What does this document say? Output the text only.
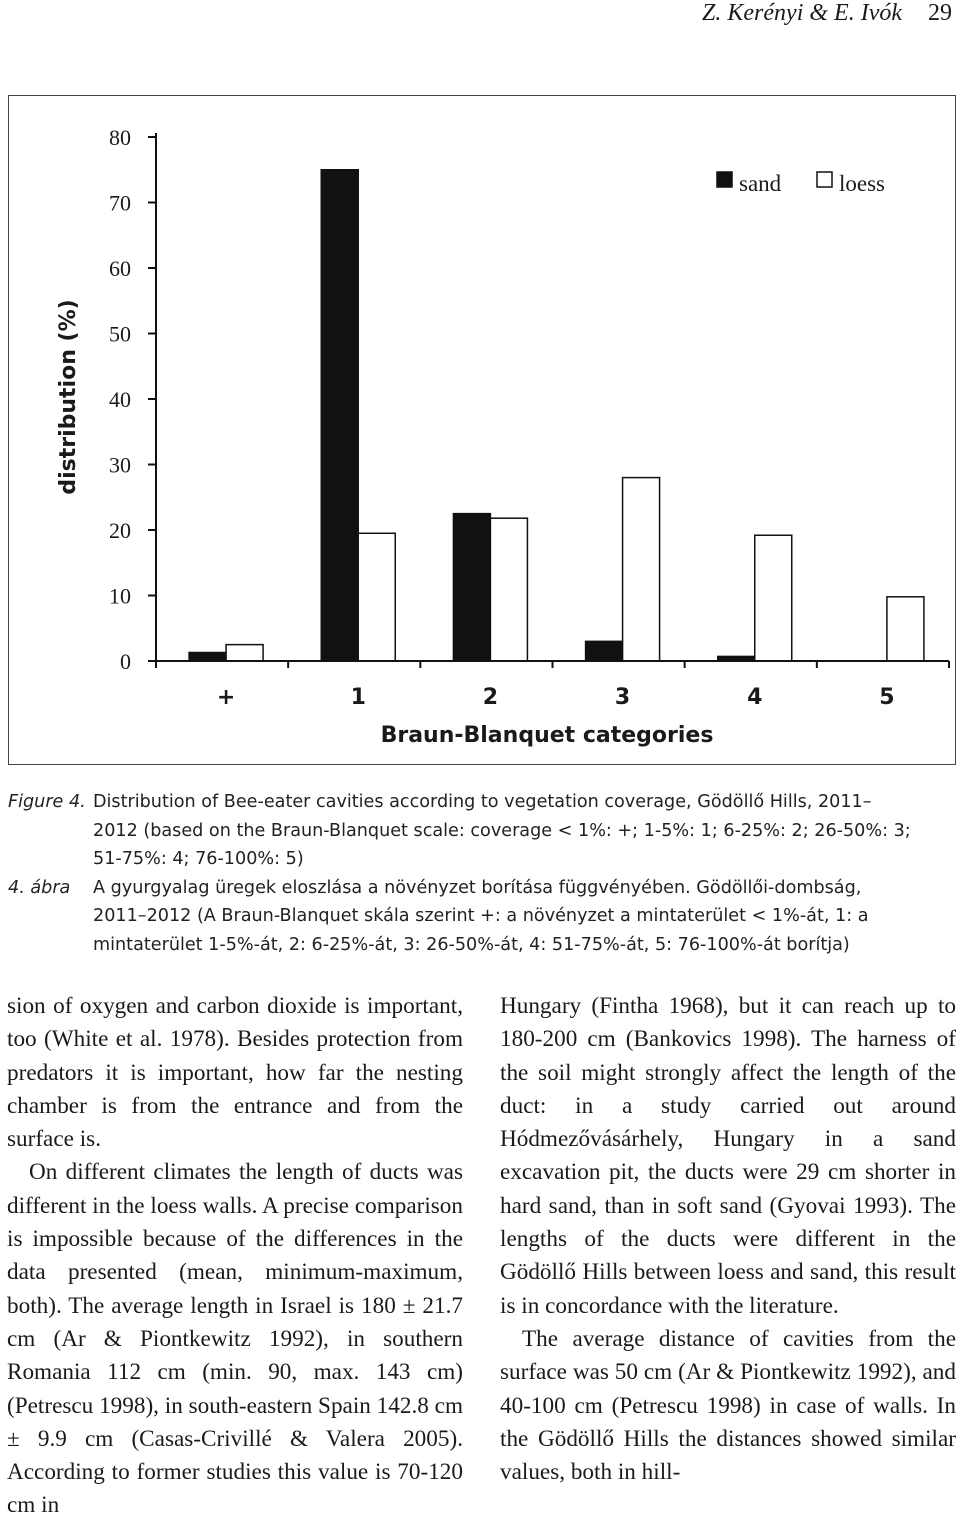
Z. Kerényi & E. Ivók 29
0
10
20
30
40
50
60
70
80
+	1	2	3	4	5
sand	loess
distribution (%)
Braun-Blanquet categories
Figure 4. Distribution of Bee-eater cavities according to vegetation coverage, Gödöllő Hills, 2011–
2012 (based on the Braun-Blanquet scale: coverage < 1%: +; 1-5%: 1; 6-25%: 2; 26-50%: 3;
51-75%: 4; 76-100%: 5)
4. ábra	A gyurgyalag üregek eloszlása a növényzet borítása függvényében. Gödöllői-dombság,
2011–2012 (A Braun-Blanquet skála szerint +: a növényzet a mintaterület < 1%-át, 1: a
mintaterület 1-5%-át, 2: 6-25%-át, 3: 26-50%-át, 4: 51-75%-át, 5: 76-100%-át borítja)

sion of oxygen and carbon dioxide is important, too (White et al. 1978). Besides protection from predators it is important, how far the nesting chamber is from the entrance and from the surface is.

On different climates the length of ducts was different in the loess walls. A precise comparison is impossible because of the differences in the data presented (mean, minimum-maximum, both). The average length in Israel is 180 ± 21.7 cm (Ar & Piontkewitz 1992), in southern Romania 112 cm (min. 90, max. 143 cm) (Petrescu 1998), in south-eastern Spain 142.8 cm ± 9.9 cm (Casas-Crivillé & Valera 2005). According to former studies this value is 70-120 cm in

Hungary (Fintha 1968), but it can reach up to 180-200 cm (Bankovics 1998). The harness of the soil might strongly affect the length of the duct: in a study carried out around Hódmezővásárhely, Hungary in a sand excavation pit, the ducts were 29 cm shorter in hard sand, than in soft sand (Gyovai 1993). The lengths of the ducts were different in the Gödöllő Hills between loess and sand, this result is in concordance with the literature.

The average distance of cavities from the surface was 50 cm (Ar & Piontkewitz 1992), and 40-100 cm (Petrescu 1998) in case of walls. In the Gödöllő Hills the distances showed similar values, both in hill-
